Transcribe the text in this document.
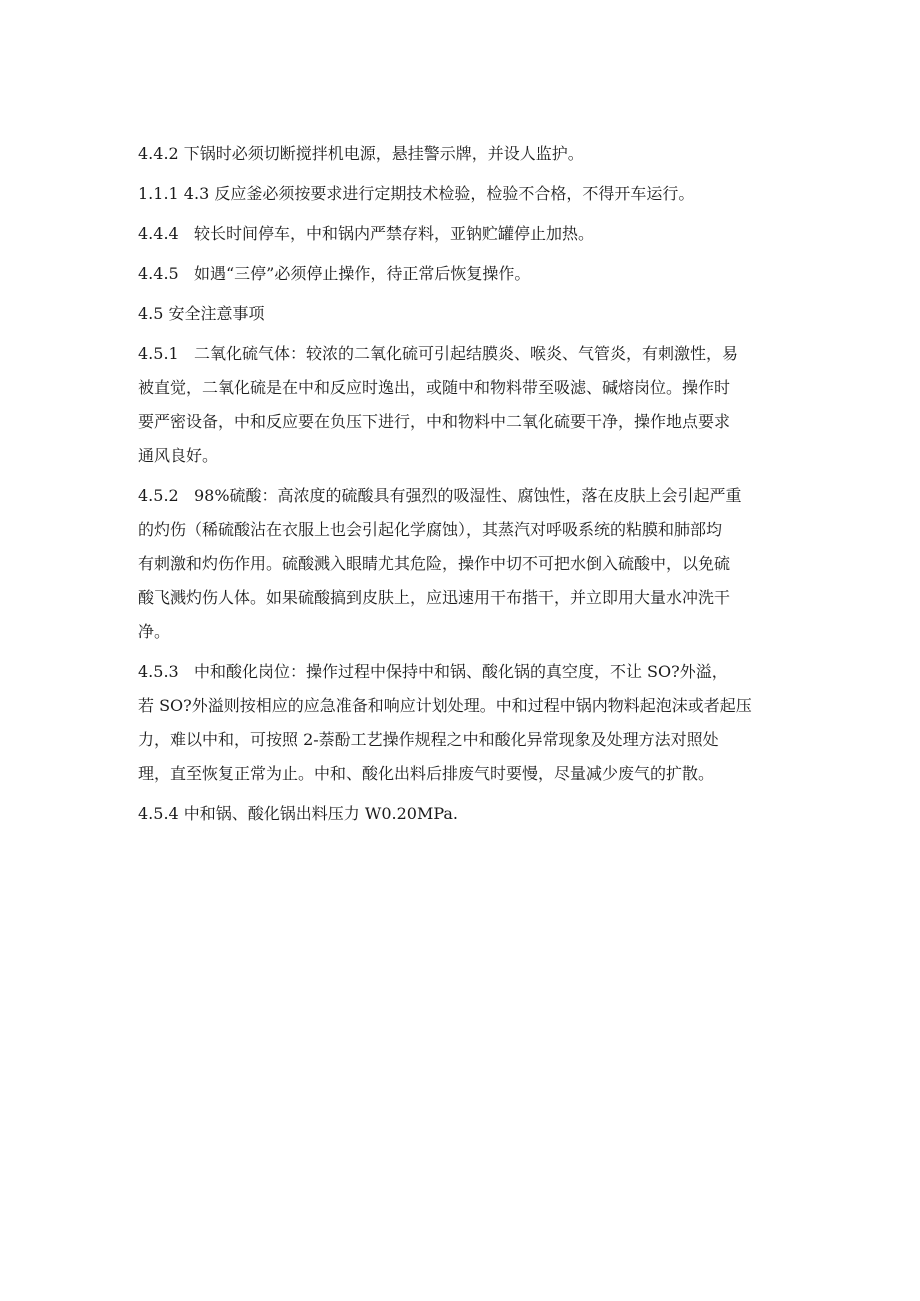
4.4.2 下锅时必须切断搅拌机电源，悬挂警示牌，并设人监护。
1.1.1 4.3 反应釜必须按要求进行定期技术检验，检验不合格，不得开车运行。
4.4.4   较长时间停车，中和锅内严禁存料，亚钠贮罐停止加热。
4.4.5   如遇“三停”必须停止操作，待正常后恢复操作。
4.5 安全注意事项
4.5.1   二氧化硫气体：较浓的二氧化硫可引起结膜炎、喉炎、气管炎，有刺激性，易
被直觉，二氧化硫是在中和反应时逸出，或随中和物料带至吸滤、碱熔岗位。操作时
要严密设备，中和反应要在负压下进行，中和物料中二氧化硫要干净，操作地点要求
通风良好。
4.5.2   98%硫酸：高浓度的硫酸具有强烈的吸湿性、腐蚀性，落在皮肤上会引起严重
的灼伤（稀硫酸沾在衣服上也会引起化学腐蚀），其蒸汽对呼吸系统的粘膜和肺部均
有刺激和灼伤作用。硫酸溅入眼睛尤其危险，操作中切不可把水倒入硫酸中，以免硫
酸飞溅灼伤人体。如果硫酸搞到皮肤上，应迅速用干布揩干，并立即用大量水冲洗干
净。
4.5.3   中和酸化岗位：操作过程中保持中和锅、酸化锅的真空度，不让 SO?外溢，
若 SO?外溢则按相应的应急准备和响应计划处理。中和过程中锅内物料起泡沫或者起压
力，难以中和，可按照 2-萘酚工艺操作规程之中和酸化异常现象及处理方法对照处
理，直至恢复正常为止。中和、酸化出料后排废气时要慢，尽量减少废气的扩散。
4.5.4 中和锅、酸化锅出料压力 W0.20MPa.
